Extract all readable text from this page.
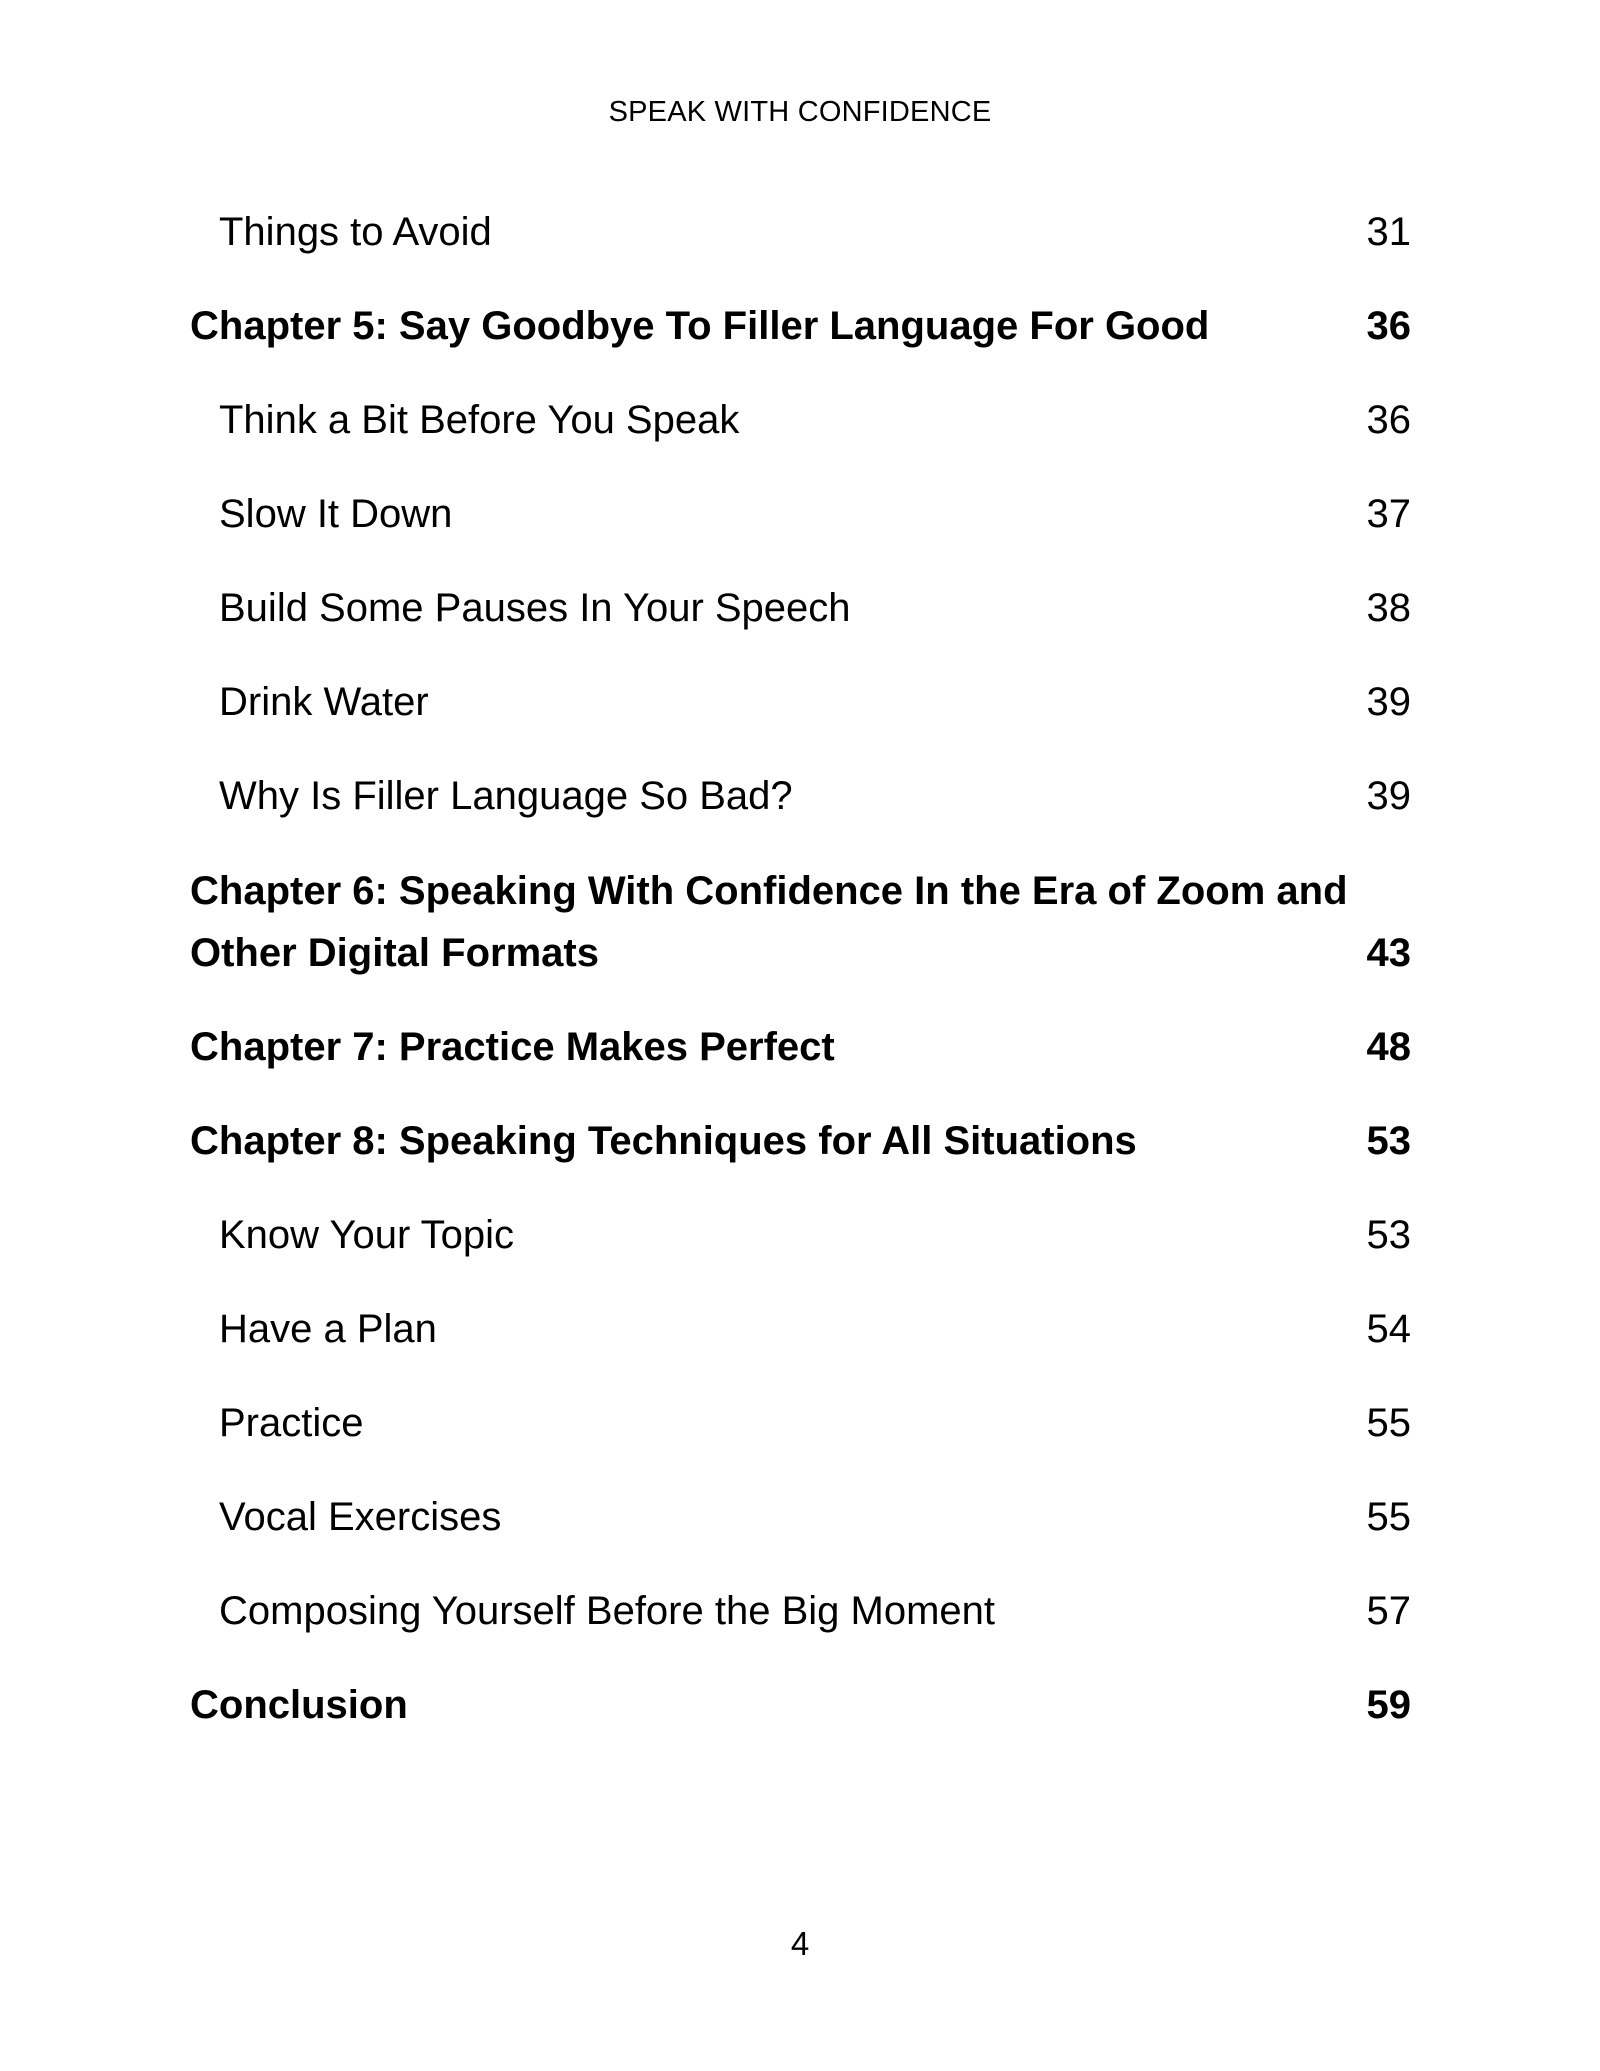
SPEAK WITH CONFIDENCE
Things to Avoid	31
Chapter 5: Say Goodbye To Filler Language For Good	36
Think a Bit Before You Speak	36
Slow It Down	37
Build Some Pauses In Your Speech	38
Drink Water	39
Why Is Filler Language So Bad?	39
Chapter 6: Speaking With Confidence In the Era of Zoom and Other Digital Formats	43
Chapter 7: Practice Makes Perfect	48
Chapter 8: Speaking Techniques for All Situations	53
Know Your Topic	53
Have a Plan	54
Practice	55
Vocal Exercises	55
Composing Yourself Before the Big Moment	57
Conclusion	59
4
